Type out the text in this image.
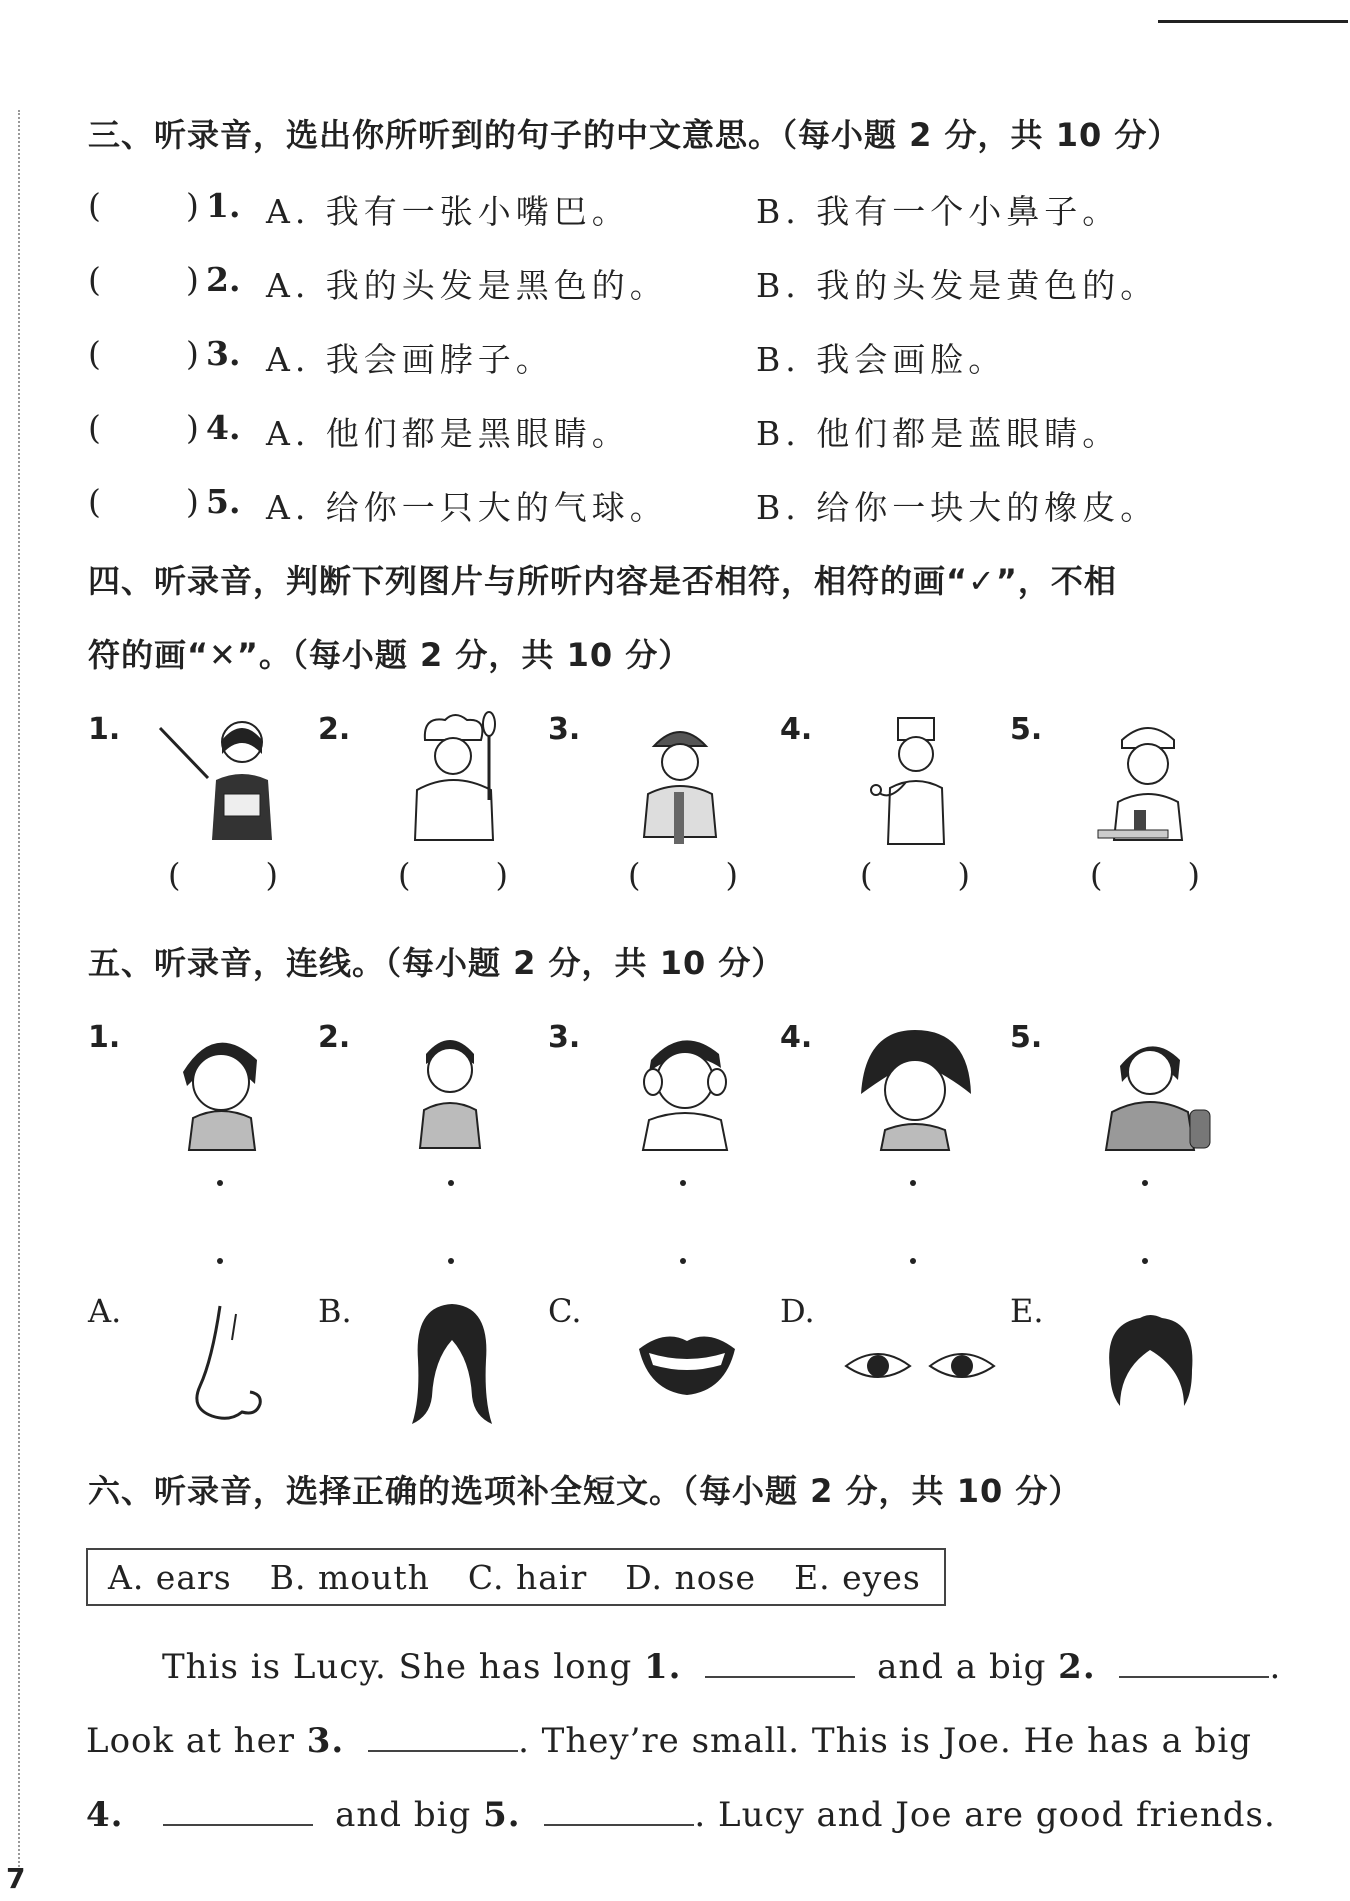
三、听录音，选出你所听到的句子的中文意思。（每小题 2 分，共 10 分）
(	) 1. A. 我有一张小嘴巴。	B. 我有一个小鼻子。
(	) 2. A. 我的头发是黑色的。	B. 我的头发是黄色的。
(	) 3. A. 我会画脖子。	B. 我会画脸。
(	) 4. A. 他们都是黑眼睛。	B. 他们都是蓝眼睛。
(	) 5. A. 给你一只大的气球。	B. 给你一块大的橡皮。
四、听录音，判断下列图片与所听内容是否相符，相符的画“✓”，不相
符的画“✕”。（每小题 2 分，共 10 分）
1.	2.	3.	4.	5.
(	)	(	)	(	)	(	)	(	)
五、听录音，连线。（每小题 2 分，共 10 分）
1.	2.	3.	4.	5.
A.	B.	C.	D.	E.
六、听录音，选择正确的选项补全短文。（每小题 2 分，共 10 分）
A. ears B. mouth C. hair D. nose E. eyes
This is Lucy. She has long 1.	and a big 2.	.
Look at her 3.	. They’re small. This is Joe. He has a big
4.	and big 5.	. Lucy and Joe are good friends.
7
